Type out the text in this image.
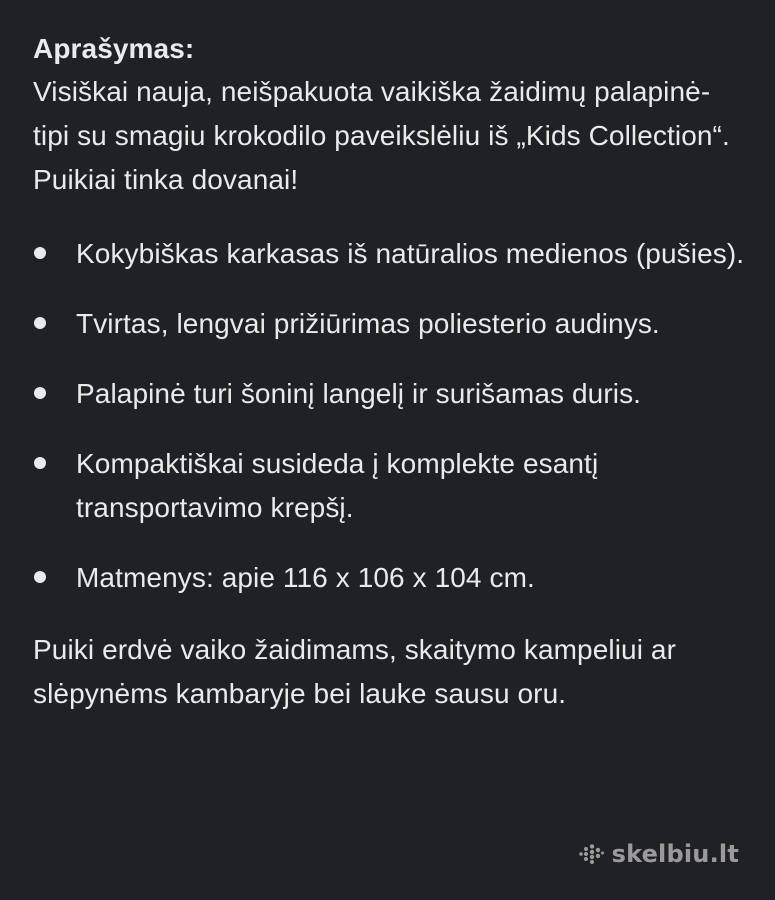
Aprašymas:

Visiškai nauja, neišpakuota vaikiška žaidimų palapinė-tipi su smagiu krokodilo paveikslėliu iš „Kids Collection“. Puikiai tinka dovanai!

Kokybiškas karkasas iš natūralios medienos (pušies).
Tvirtas, lengvai prižiūrimas poliesterio audinys.
Palapinė turi šoninį langelį ir surišamas duris.
Kompaktiškai susideda į komplekte esantį transportavimo krepšį.
Matmenys: apie 116 x 106 x 104 cm.

Puiki erdvė vaiko žaidimams, skaitymo kampeliui ar slėpynėms kambaryje bei lauke sausu oru.

skelbiu.lt
